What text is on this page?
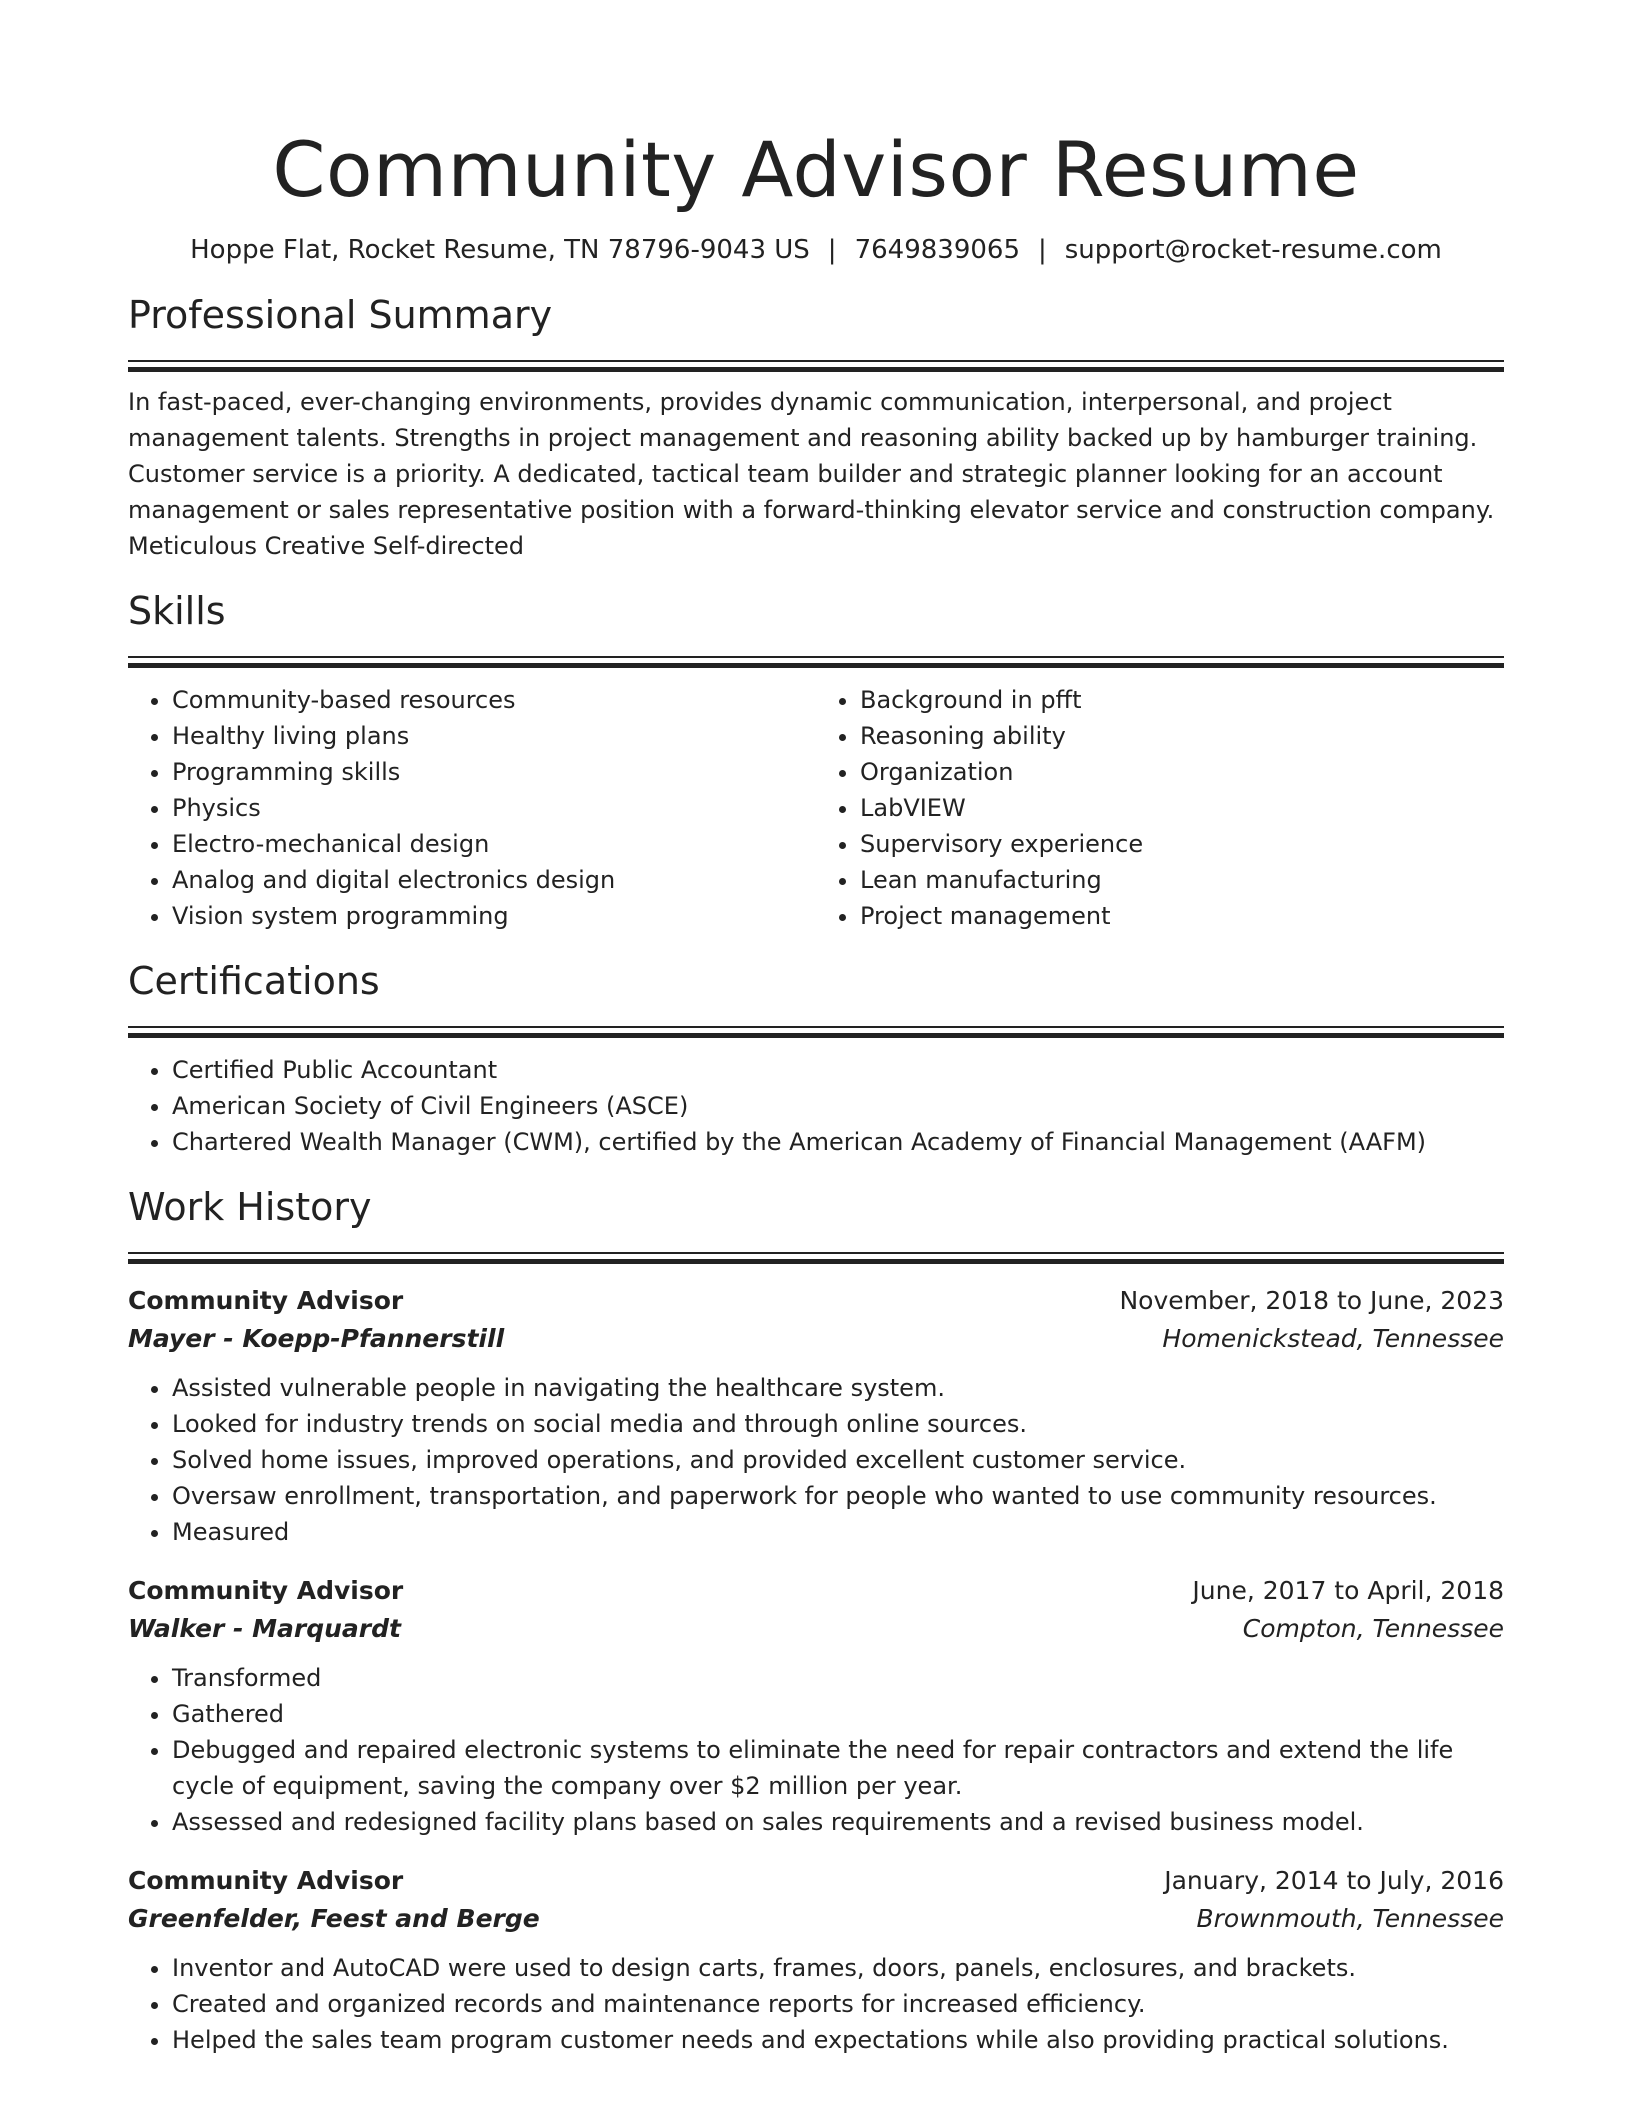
Community Advisor Resume
Hoppe Flat, Rocket Resume, TN 78796-9043 US | 7649839065 | support@rocket-resume.com
Professional Summary

In fast-paced, ever-changing environments, provides dynamic communication, interpersonal, and project management talents. Strengths in project management and reasoning ability backed up by hamburger training. Customer service is a priority. A dedicated, tactical team builder and strategic planner looking for an account management or sales representative position with a forward-thinking elevator service and construction company. Meticulous Creative Self-directed

Skills
• Community-based resources
• Healthy living plans
• Programming skills
• Physics
• Electro-mechanical design
• Analog and digital electronics design
• Vision system programming
• Background in pfft
• Reasoning ability
• Organization
• LabVIEW
• Supervisory experience
• Lean manufacturing
• Project management
Certifications
• Certified Public Accountant
• American Society of Civil Engineers (ASCE)
• Chartered Wealth Manager (CWM), certified by the American Academy of Financial Management (AAFM)
Work History
Community Advisor	November, 2018 to June, 2023
Mayer - Koepp-Pfannerstill	Homenickstead, Tennessee
• Assisted vulnerable people in navigating the healthcare system.
• Looked for industry trends on social media and through online sources.
• Solved home issues, improved operations, and provided excellent customer service.
• Oversaw enrollment, transportation, and paperwork for people who wanted to use community resources.
• Measured
Community Advisor	June, 2017 to April, 2018
Walker - Marquardt	Compton, Tennessee
• Transformed
• Gathered
• Debugged and repaired electronic systems to eliminate the need for repair contractors and extend the life cycle of equipment, saving the company over $2 million per year.
• Assessed and redesigned facility plans based on sales requirements and a revised business model.
Community Advisor	January, 2014 to July, 2016
Greenfelder, Feest and Berge	Brownmouth, Tennessee
• Inventor and AutoCAD were used to design carts, frames, doors, panels, enclosures, and brackets.
• Created and organized records and maintenance reports for increased efficiency.
• Helped the sales team program customer needs and expectations while also providing practical solutions.
